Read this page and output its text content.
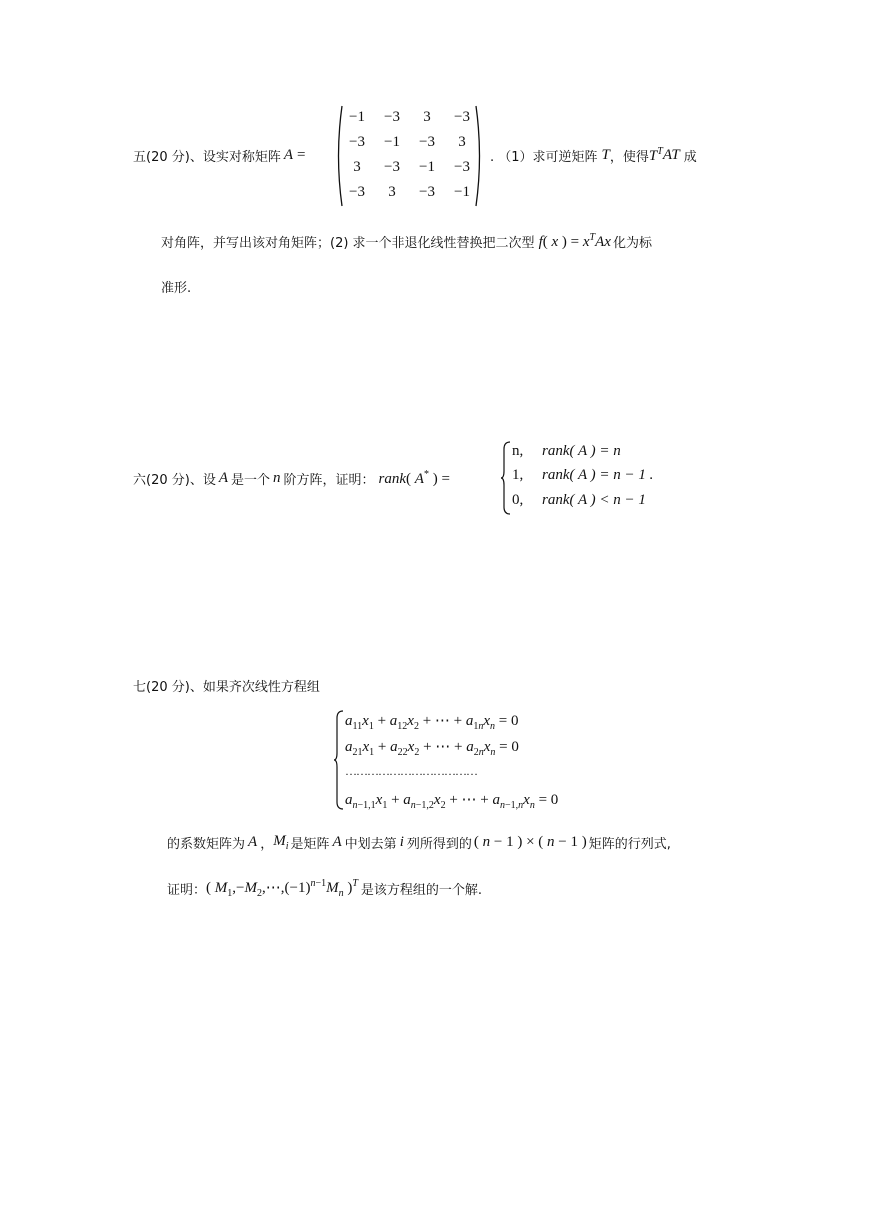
五(20 分)、设实对称矩阵 A =
−1	−3	3	−3
−3	−1	−3	3
3	−3	−1	−3
−3	3	−3	−1
. （1）求可逆矩阵 T ，使得 $T^T$ AT 成
对角阵，并写出该对角矩阵；(2) 求一个非退化线性替换把二次型 f( x ) = $x^TAx$ 化为标
准形.
六(20 分)、设 A 是一个 n 阶方阵，证明： rank( A* ) =
n, rank( A ) = n
1, rank( A ) = n − 1 .
0, rank( A ) < n − 1
七(20 分)、如果齐次线性方程组
$a_{11}x_1 + a_{12}x_2$ + ⋯ + $a_{1n}x_n = 0$
$a_{21}x_1 + a_{22}x_2$ + ⋯ + $a_{2n}x_n = 0$
………………………………
$a_{n-1,1}x_1 + a_{n-1,2}x_2$ + ⋯ + $a_{n-1,n}x_n = 0$
的系数矩阵为 A ， $M_i$ 是矩阵 A 中划去第 i 列所得到的 ( n − 1 ) × ( n − 1 ) 矩阵的行列式,
证明： ( $M_1,-M_2,\cdots,(-1)^{n-1}M_n$ )$^T$ 是该方程组的一个解.
